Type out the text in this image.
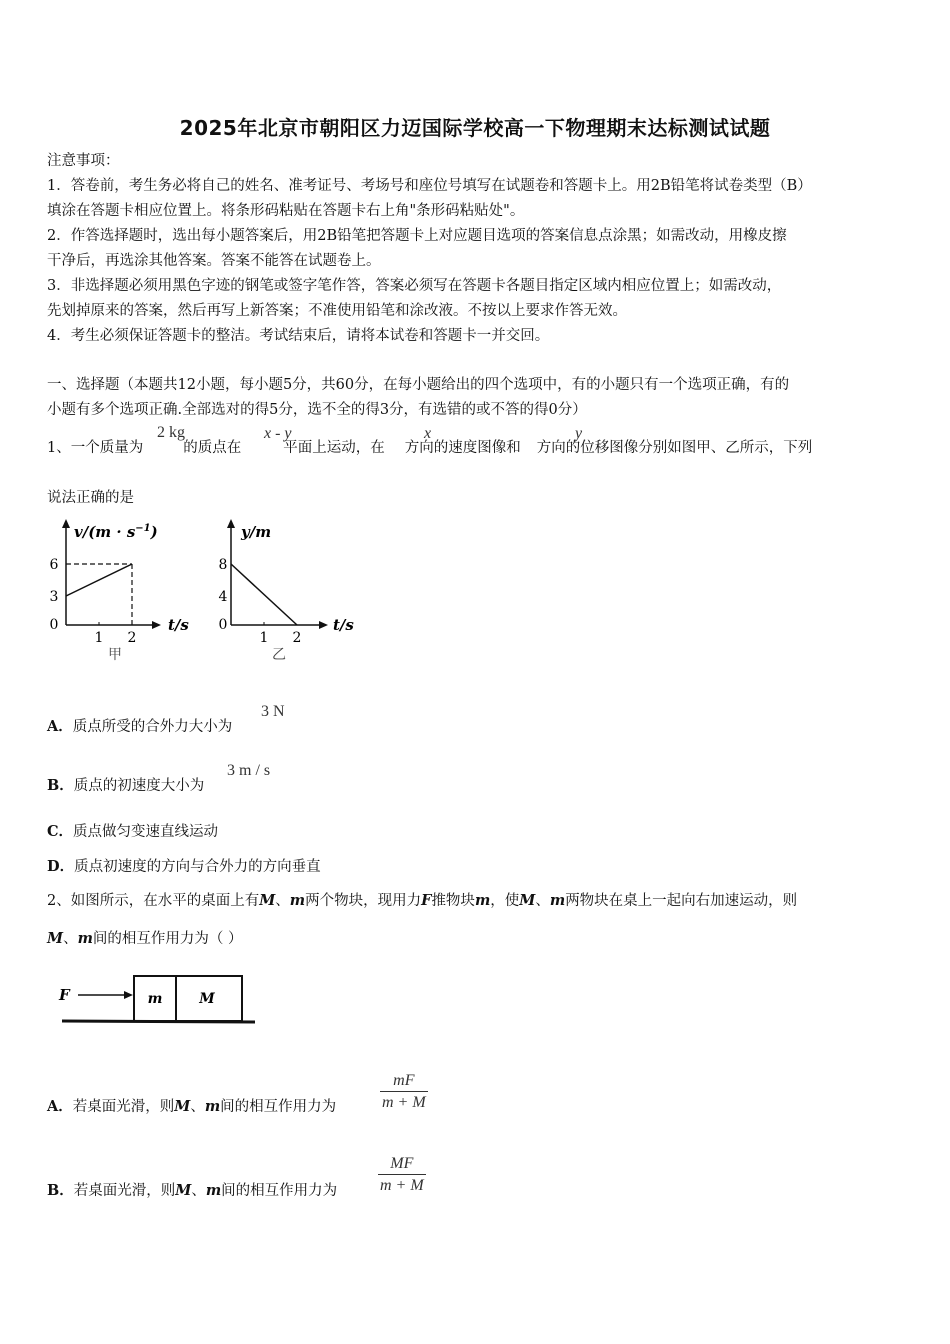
2025年北京市朝阳区力迈国际学校高一下物理期末达标测试试题
注意事项：
1．答卷前，考生务必将自己的姓名、准考证号、考场号和座位号填写在试题卷和答题卡上。用2B铅笔将试卷类型（B）
填涂在答题卡相应位置上。将条形码粘贴在答题卡右上角"条形码粘贴处"。
2．作答选择题时，选出每小题答案后，用2B铅笔把答题卡上对应题目选项的答案信息点涂黑；如需改动，用橡皮擦
干净后，再选涂其他答案。答案不能答在试题卷上。
3．非选择题必须用黑色字迹的钢笔或签字笔作答，答案必须写在答题卡各题目指定区域内相应位置上；如需改动，
先划掉原来的答案，然后再写上新答案；不准使用铅笔和涂改液。不按以上要求作答无效。
4．考生必须保证答题卡的整洁。考试结束后，请将本试卷和答题卡一并交回。
一、选择题（本题共12小题，每小题5分，共60分，在每小题给出的四个选项中，有的小题只有一个选项正确，有的
小题有多个选项正确.全部选对的得5分，选不全的得3分，有选错的或不答的得0分）
1、一个质量为	的质点在	平面上运动，在 方向的速度图像和 方向的位移图像分别如图甲、乙所示，下列
2 kg	x - y	x	y
说法正确的是
$v/(m \cdot s^{-1})$
6
3
0
1 2
t/s
甲
y/m
8
4
0
1 2
t/s
乙
A．质点所受的合外力大小为
3 N
B．质点的初速度大小为
3 m / s
C．质点做匀变速直线运动
D．质点初速度的方向与合外力的方向垂直
2、如图所示，在水平的桌面上有M、m两个物块，现用力F推物块m，使M、m两物块在桌上一起向右加速运动，则
M、m间的相互作用力为（ ）
F	m	M
A．若桌面光滑，则M、m间的相互作用力为
mF
m + M
B．若桌面光滑，则M、m间的相互作用力为
MF
m + M
